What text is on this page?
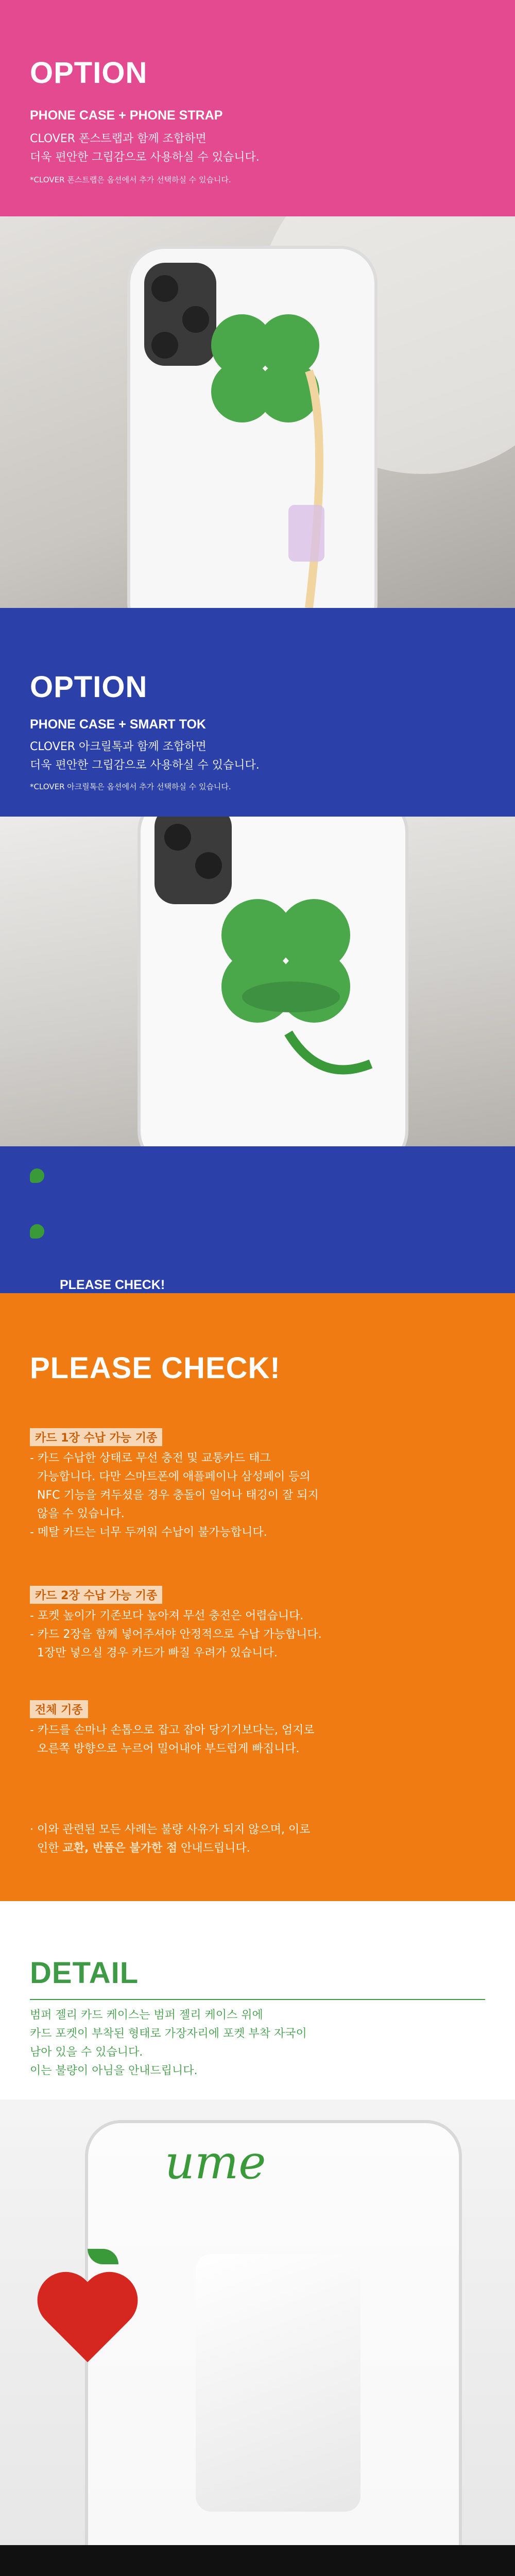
OPTION
PHONE CASE + PHONE STRAP
CLOVER 폰스트랩과 함께 조합하면
더욱 편안한 그립감으로 사용하실 수 있습니다.

*CLOVER 폰스트랩은 옵션에서 추가 선택하실 수 있습니다.

OPTION
PHONE CASE + SMART TOK
CLOVER 아크릴톡과 함께 조합하면
더욱 편안한 그립감으로 사용하실 수 있습니다.

*CLOVER 아크릴톡은 옵션에서 추가 선택하실 수 있습니다.

PLEASE CHECK!
PLEASE CHECK!
카드 1장 수납 가능 기종
- 카드 수납한 상태로 무선 충전 및 교통카드 태그
가능합니다. 다만 스마트폰에 애플페이나 삼성페이 등의
NFC 기능을 켜두셨을 경우 충돌이 일어나 태깅이 잘 되지
않을 수 있습니다.
- 메탈 카드는 너무 두꺼워 수납이 불가능합니다.
카드 2장 수납 가능 기종
- 포켓 높이가 기존보다 높아져 무선 충전은 어렵습니다.
- 카드 2장을 함께 넣어주셔야 안정적으로 수납 가능합니다.
1장만 넣으실 경우 카드가 빠질 우려가 있습니다.
전체 기종
- 카드를 손마나 손톱으로 잡고 잡아 당기기보다는, 엄지로
오른쪽 방향으로 누르어 밀어내야 부드럽게 빠집니다.
· 이와 관련된 모든 사례는 불량 사유가 되지 않으며, 이로
인한 교환, 반품은 불가한 점 안내드립니다.
DETAIL
범퍼 젤리 카드 케이스는 범퍼 젤리 케이스 위에
카드 포켓이 부착된 형태로 가장자리에 포켓 부착 자국이
남아 있을 수 있습니다.
이는 불량이 아님을 안내드립니다.
ume
